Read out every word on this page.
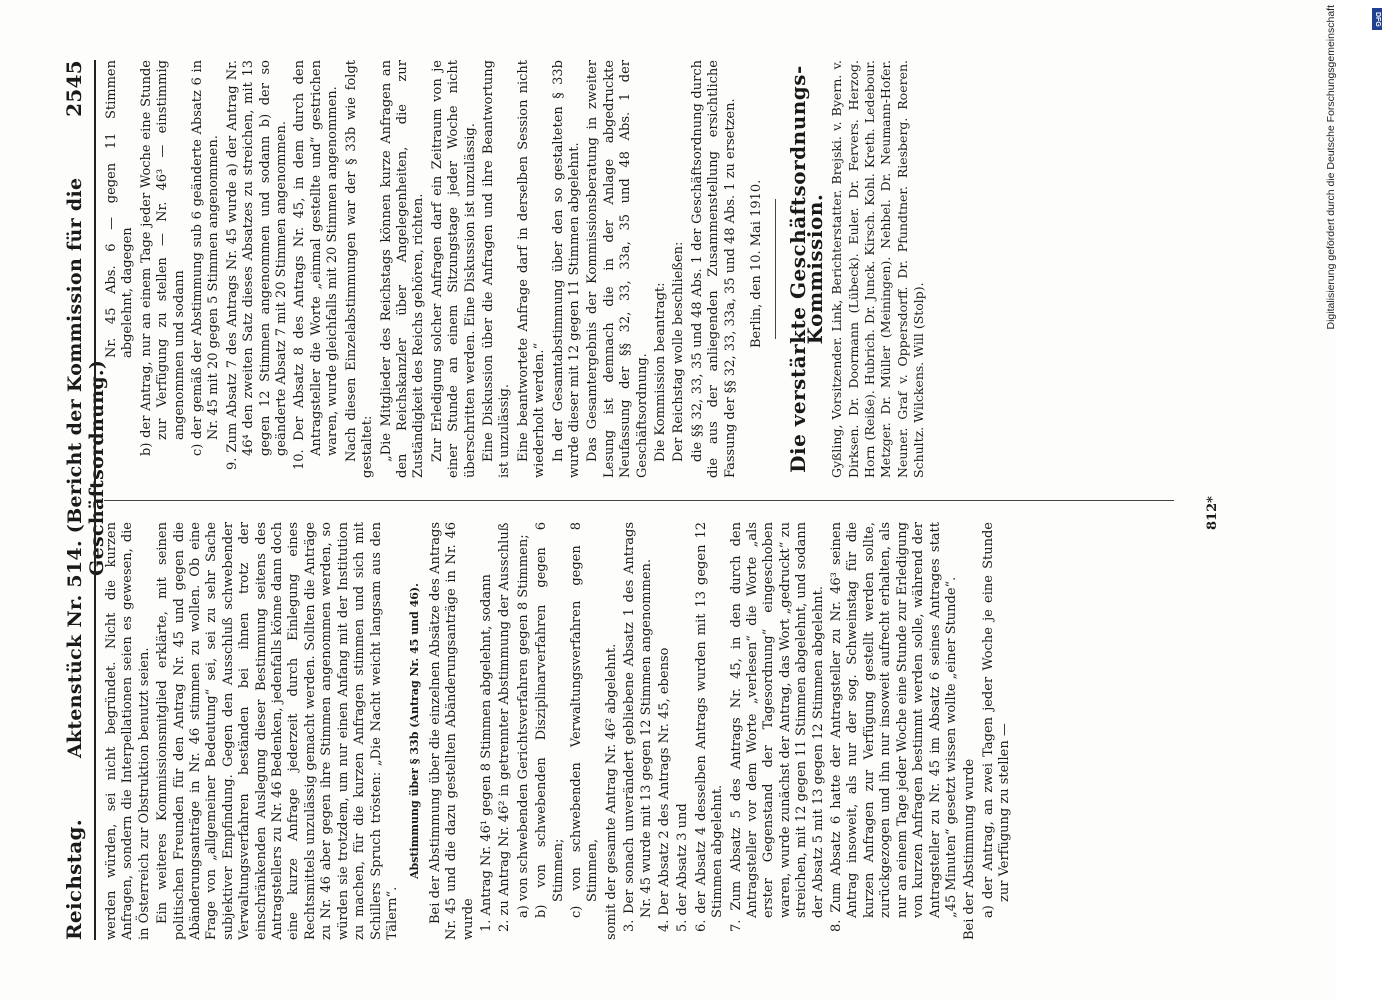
Reichstag.
Aktenstück Nr. 514. (Bericht der Kommission für die Geschäftsordnung.)
2545

werden würden, sei nicht begründet. Nicht die kurzen Anfragen, sondern die Interpellationen seien es gewesen, die in Österreich zur Obstruktion benutzt seien. Ein weiteres Kommissionsmitglied erklärte, mit seinen politischen Freunden für den Antrag Nr. 45 und gegen die Abänderungsanträge in Nr. 46 stimmen zu wollen. Ob eine Frage von „allgemeiner Bedeutung“ sei, sei zu sehr Sache subjektiver Empfindung. Gegen den Ausschluß schwebender Verwaltungsverfahren beständen bei ihnen trotz der einschränkenden Auslegung dieser Bestimmung seitens des Antragstellers zu Nr. 46 Bedenken, jedenfalls könne dann doch eine kurze Anfrage jederzeit durch Einlegung eines Rechtsmittels unzulässig gemacht werden. Sollten die Anträge zu Nr. 46 aber gegen ihre Stimmen angenommen werden, so würden sie trotzdem, um nur einen Anfang mit der Institution zu machen, für die kurzen Anfragen stimmen und sich mit Schillers Spruch trösten: „Die Nacht weicht langsam aus den Tälern“.

Abstimmung über § 33b (Antrag Nr. 45 und 46). Bei der Abstimmung über die einzelnen Absätze des Antrags Nr. 45 und die dazu gestellten Abänderungsanträge in Nr. 46 wurde 1. Antrag Nr. 46¹ gegen 8 Stimmen abgelehnt, sodann 2. zu Antrag Nr. 46² in getrennter Abstimmung der Ausschluß a) von schwebenden Gerichtsverfahren gegen 8 Stimmen; b) von schwebenden Disziplinarverfahren gegen 6 Stimmen; c) von schwebenden Verwaltungsverfahren gegen 8 Stimmen, somit der gesamte Antrag Nr. 46² abgelehnt. 3. Der sonach unverändert gebliebene Absatz 1 des Antrags Nr. 45 wurde mit 13 gegen 12 Stimmen angenommen. 4. Der Absatz 2 des Antrags Nr. 45, ebenso 5. der Absatz 3 und 6. der Absatz 4 desselben Antrags wurden mit 13 gegen 12 Stimmen abgelehnt. 7. Zum Absatz 5 des Antrags Nr. 45, in den durch den Antragsteller vor dem Worte „verlesen“ die Worte „als erster Gegenstand der Tagesordnung“ eingeschoben waren, wurde zunächst der Antrag, das Wort „gedruckt“ zu streichen, mit 12 gegen 11 Stimmen abgelehnt, und sodann der Absatz 5 mit 13 gegen 12 Stimmen abgelehnt. 8. Zum Absatz 6 hatte der Antragsteller zu Nr. 46³ seinen Antrag insoweit, als nur der sog. Schweinstag für die kurzen Anfragen zur Verfügung gestellt werden sollte, zurückgezogen und ihn nur insoweit aufrecht erhalten, als nur an einem Tage jeder Woche eine Stunde zur Erledigung von kurzen Anfragen bestimmt werden solle, während der Antragsteller zu Nr. 45 im Absatz 6 seines Antrages statt „45 Minuten“ gesetzt wissen wollte „einer Stunde“. Bei der Abstimmung wurde a) der Antrag, an zwei Tagen jeder Woche je eine Stunde zur Verfügung zu stellen —

Nr. 45 Abs. 6 — gegen 11 Stimmen abgelehnt, dagegen b) der Antrag, nur an einem Tage jeder Woche eine Stunde zur Verfügung zu stellen — Nr. 46³ — einstimmig angenommen und sodann c) der gemäß der Abstimmung sub 6 geänderte Absatz 6 in Nr. 45 mit 20 gegen 5 Stimmen angenommen. 9. Zum Absatz 7 des Antrags Nr. 45 wurde a) der Antrag Nr. 46⁴ den zweiten Satz dieses Absatzes zu streichen, mit 13 gegen 12 Stimmen angenommen und sodann b) der so geänderte Absatz 7 mit 20 Stimmen angenommen. 10. Der Absatz 8 des Antrags Nr. 45, in dem durch den Antragsteller die Worte „einmal gestellte und“ gestrichen waren, wurde gleichfalls mit 20 Stimmen angenommen. Nach diesen Einzelabstimmungen war der § 33b wie folgt gestaltet: „Die Mitglieder des Reichstags können kurze Anfragen an den Reichskanzler über Angelegenheiten, die zur Zuständigkeit des Reichs gehören, richten. Zur Erledigung solcher Anfragen darf ein Zeitraum von je einer Stunde an einem Sitzungstage jeder Woche nicht überschritten werden. Eine Diskussion ist unzulässig. Eine Diskussion über die Anfragen und ihre Beantwortung ist unzulässig. Eine beantwortete Anfrage darf in derselben Session nicht wiederholt werden.“ In der Gesamtabstimmung über den so gestalteten § 33b wurde dieser mit 12 gegen 11 Stimmen abgelehnt. Das Gesamtergebnis der Kommissionsberatung in zweiter Lesung ist demnach die in der Anlage abgedruckte Neufassung der §§ 32, 33, 33a, 35 und 48 Abs. 1 der Geschäftsordnung. Die Kommission beantragt: Der Reichstag wolle beschließen: die §§ 32, 33, 35 und 48 Abs. 1 der Geschäftsordnung durch die aus der anliegenden Zusammenstellung ersichtliche Fassung der §§ 32, 33, 33a, 35 und 48 Abs. 1 zu ersetzen. Berlin, den 10. Mai 1910. Die verstärkte Geschäftsordnungs-Kommission. Gyßling, Vorsitzender. Link, Berichterstatter. Brejski. v. Byern. v. Dirksen. Dr. Doormann (Lübeck). Euler. Dr. Fervers. Herzog. Horn (Reiße). Hubrich. Dr. Junck. Kirsch. Kohl. Kreth. Ledebour. Metzger. Dr. Müller (Meiningen). Nehbel. Dr. Neumann-Hofer. Neuner. Graf v. Oppersdorff. Dr. Pfundtner. Riesberg. Roeren. Schultz. Wilckens. Will (Stolp).

812*
Digitalisierung gefördert durch die Deutsche Forschungsgemeinschaft	DFG
